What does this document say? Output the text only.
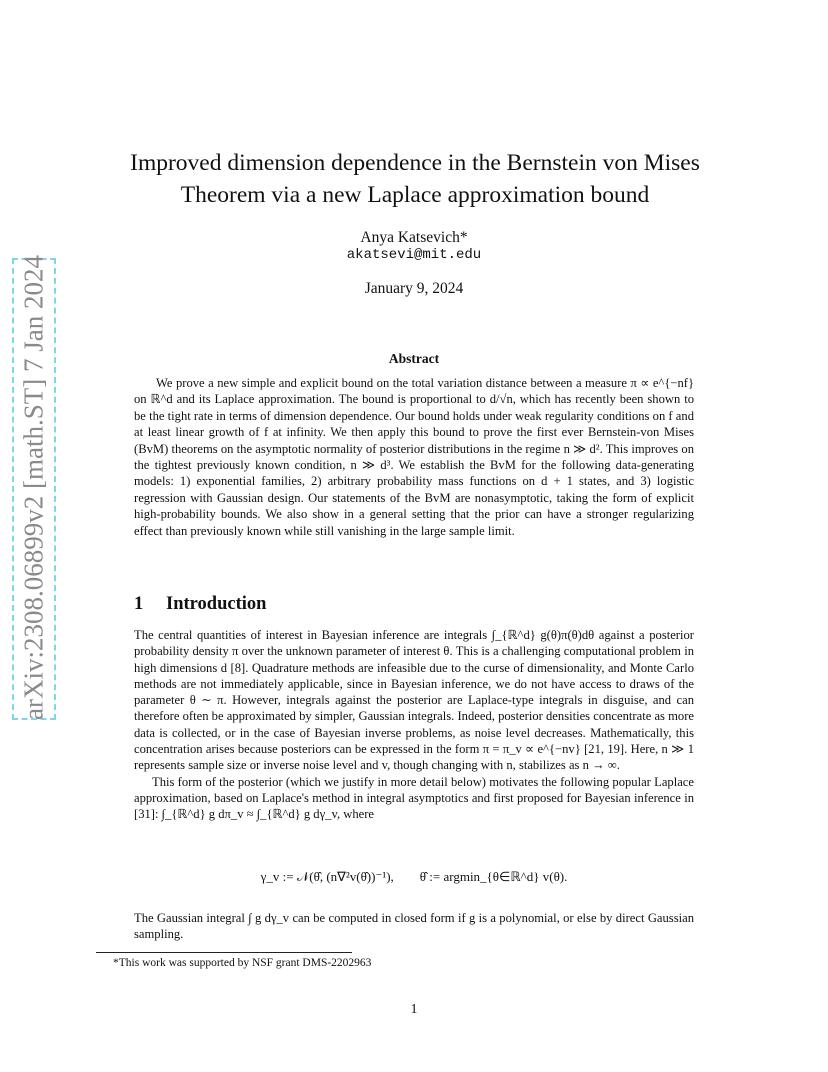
arXiv:2308.06899v2 [math.ST] 7 Jan 2024
Improved dimension dependence in the Bernstein von Mises Theorem via a new Laplace approximation bound
Anya Katsevich*
akatsevi@mit.edu
January 9, 2024
Abstract

We prove a new simple and explicit bound on the total variation distance between a measure π ∝ e^{−nf} on ℝ^d and its Laplace approximation. The bound is proportional to d/√n, which has recently been shown to be the tight rate in terms of dimension dependence. Our bound holds under weak regularity conditions on f and at least linear growth of f at infinity. We then apply this bound to prove the first ever Bernstein-von Mises (BvM) theorems on the asymptotic normality of posterior distributions in the regime n ≫ d². This improves on the tightest previously known condition, n ≫ d³. We establish the BvM for the following data-generating models: 1) exponential families, 2) arbitrary probability mass functions on d + 1 states, and 3) logistic regression with Gaussian design. Our statements of the BvM are nonasymptotic, taking the form of explicit high-probability bounds. We also show in a general setting that the prior can have a stronger regularizing effect than previously known while still vanishing in the large sample limit.

1 Introduction

The central quantities of interest in Bayesian inference are integrals ∫_{ℝ^d} g(θ)π(θ)dθ against a posterior probability density π over the unknown parameter of interest θ. This is a challenging computational problem in high dimensions d [8]. Quadrature methods are infeasible due to the curse of dimensionality, and Monte Carlo methods are not immediately applicable, since in Bayesian inference, we do not have access to draws of the parameter θ ∼ π. However, integrals against the posterior are Laplace-type integrals in disguise, and can therefore often be approximated by simpler, Gaussian integrals. Indeed, posterior densities concentrate as more data is collected, or in the case of Bayesian inverse problems, as noise level decreases. Mathematically, this concentration arises because posteriors can be expressed in the form π = π_v ∝ e^{−nv} [21, 19]. Here, n ≫ 1 represents sample size or inverse noise level and v, though changing with n, stabilizes as n → ∞.

This form of the posterior (which we justify in more detail below) motivates the following popular Laplace approximation, based on Laplace's method in integral asymptotics and first proposed for Bayesian inference in [31]: ∫_{ℝ^d} g dπ_v ≈ ∫_{ℝ^d} g dγ_v, where

γ_v := 𝒩(θ̂, (n∇²v(θ̂))⁻¹),        θ̂ := argmin_{θ∈ℝ^d} v(θ).
The Gaussian integral ∫ g dγ_v can be computed in closed form if g is a polynomial, or else by direct Gaussian sampling.
*This work was supported by NSF grant DMS-2202963
1
